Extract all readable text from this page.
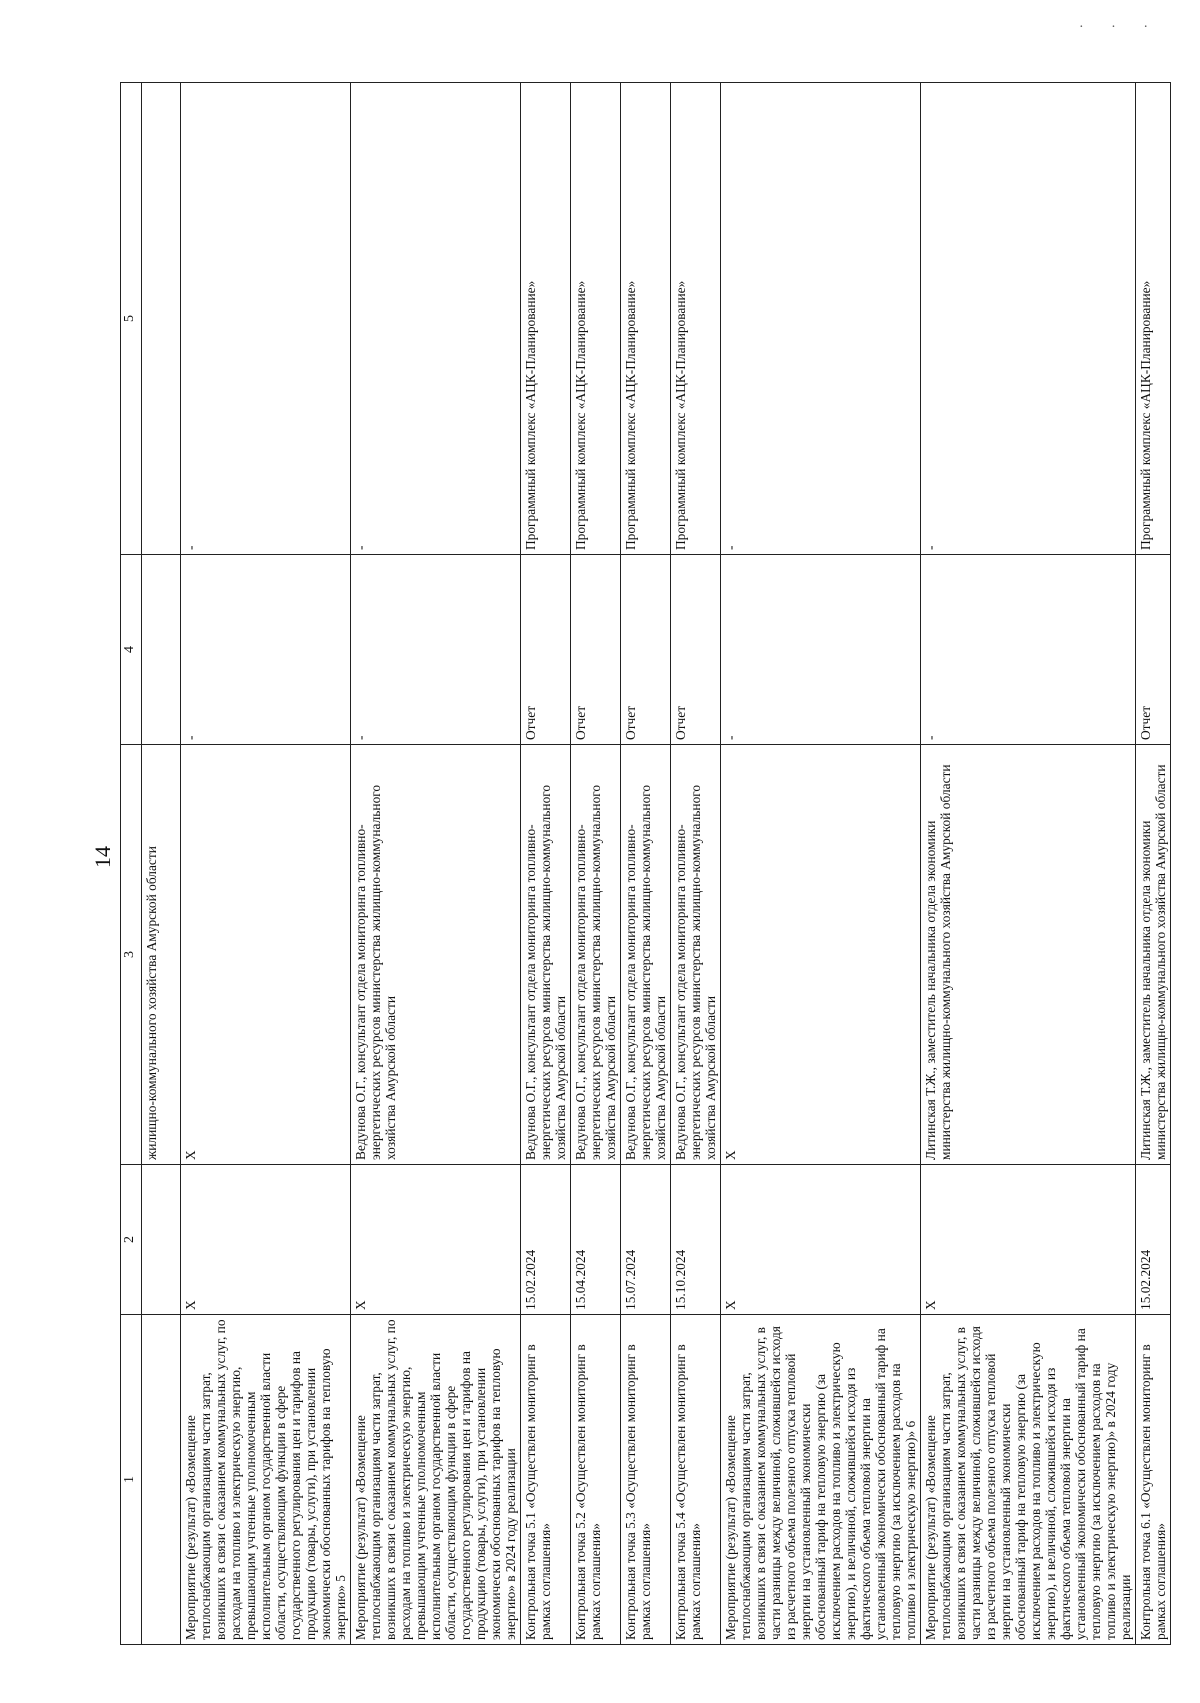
· · ·
14
1	2	3	4	5
		жилищно-коммунального хозяйства Амурской области		
Мероприятие (результат) «Возмещение теплоснабжающим организациям части затрат, возникших в связи с оказанием коммунальных услуг, по расходам на топливо и электрическую энергию, превышающим учтенные уполномоченным исполнительным органом государственной власти области, осуществляющим функции в сфере государственного регулирования цен и тарифов на продукцию (товары, услуги), при установлении экономически обоснованных тарифов на тепловую энергию» 5	Х	Х	-	-
Мероприятие (результат) «Возмещение теплоснабжающим организациям части затрат, возникших в связи с оказанием коммунальных услуг, по расходам на топливо и электрическую энергию, превышающим учтенные уполномоченным исполнительным органом государственной власти области, осуществляющим функции в сфере государственного регулирования цен и тарифов на продукцию (товары, услуги), при установлении экономически обоснованных тарифов на тепловую энергию» в 2024 году реализации	Х	Ведунова О.Г., консультант отдела мониторинга топливно-энергетических ресурсов министерства жилищно-коммунального хозяйства Амурской области	-	-
Контрольная точка 5.1 «Осуществлен мониторинг в рамках соглашения»	15.02.2024	Ведунова О.Г., консультант отдела мониторинга топливно-энергетических ресурсов министерства жилищно-коммунального хозяйства Амурской области	Отчет	Программный комплекс «АЦК-Планирование»
Контрольная точка 5.2 «Осуществлен мониторинг в рамках соглашения»	15.04.2024	Ведунова О.Г., консультант отдела мониторинга топливно-энергетических ресурсов министерства жилищно-коммунального хозяйства Амурской области	Отчет	Программный комплекс «АЦК-Планирование»
Контрольная точка 5.3 «Осуществлен мониторинг в рамках соглашения»	15.07.2024	Ведунова О.Г., консультант отдела мониторинга топливно-энергетических ресурсов министерства жилищно-коммунального хозяйства Амурской области	Отчет	Программный комплекс «АЦК-Планирование»
Контрольная точка 5.4 «Осуществлен мониторинг в рамках соглашения»	15.10.2024	Ведунова О.Г., консультант отдела мониторинга топливно-энергетических ресурсов министерства жилищно-коммунального хозяйства Амурской области	Отчет	Программный комплекс «АЦК-Планирование»
Мероприятие (результат) «Возмещение теплоснабжающим организациям части затрат, возникших в связи с оказанием коммунальных услуг, в части разницы между величиной, сложившейся исходя из расчетного объема полезного отпуска тепловой энергии на установленный экономически обоснованный тариф на тепловую энергию (за исключением расходов на топливо и электрическую энергию), и величиной, сложившейся исходя из фактического объема тепловой энергии на установленный экономически обоснованный тариф на тепловую энергию (за исключением расходов на топливо и электрическую энергию)» 6	Х	Х	-	-
Мероприятие (результат) «Возмещение теплоснабжающим организациям части затрат, возникших в связи с оказанием коммунальных услуг, в части разницы между величиной, сложившейся исходя из расчетного объема полезного отпуска тепловой энергии на установленный экономически обоснованный тариф на тепловую энергию (за исключением расходов на топливо и электрическую энергию), и величиной, сложившейся исходя из фактического объема тепловой энергии на установленный экономически обоснованный тариф на тепловую энергию (за исключением расходов на топливо и электрическую энергию)» в 2024 году реализации	Х	Литинская Т.Ж., заместитель начальника отдела экономики министерства жилищно-коммунального хозяйства Амурской области	-	-
Контрольная точка 6.1 «Осуществлен мониторинг в рамках соглашения»	15.02.2024	Литинская Т.Ж., заместитель начальника отдела экономики министерства жилищно-коммунального хозяйства Амурской области	Отчет	Программный комплекс «АЦК-Планирование»
